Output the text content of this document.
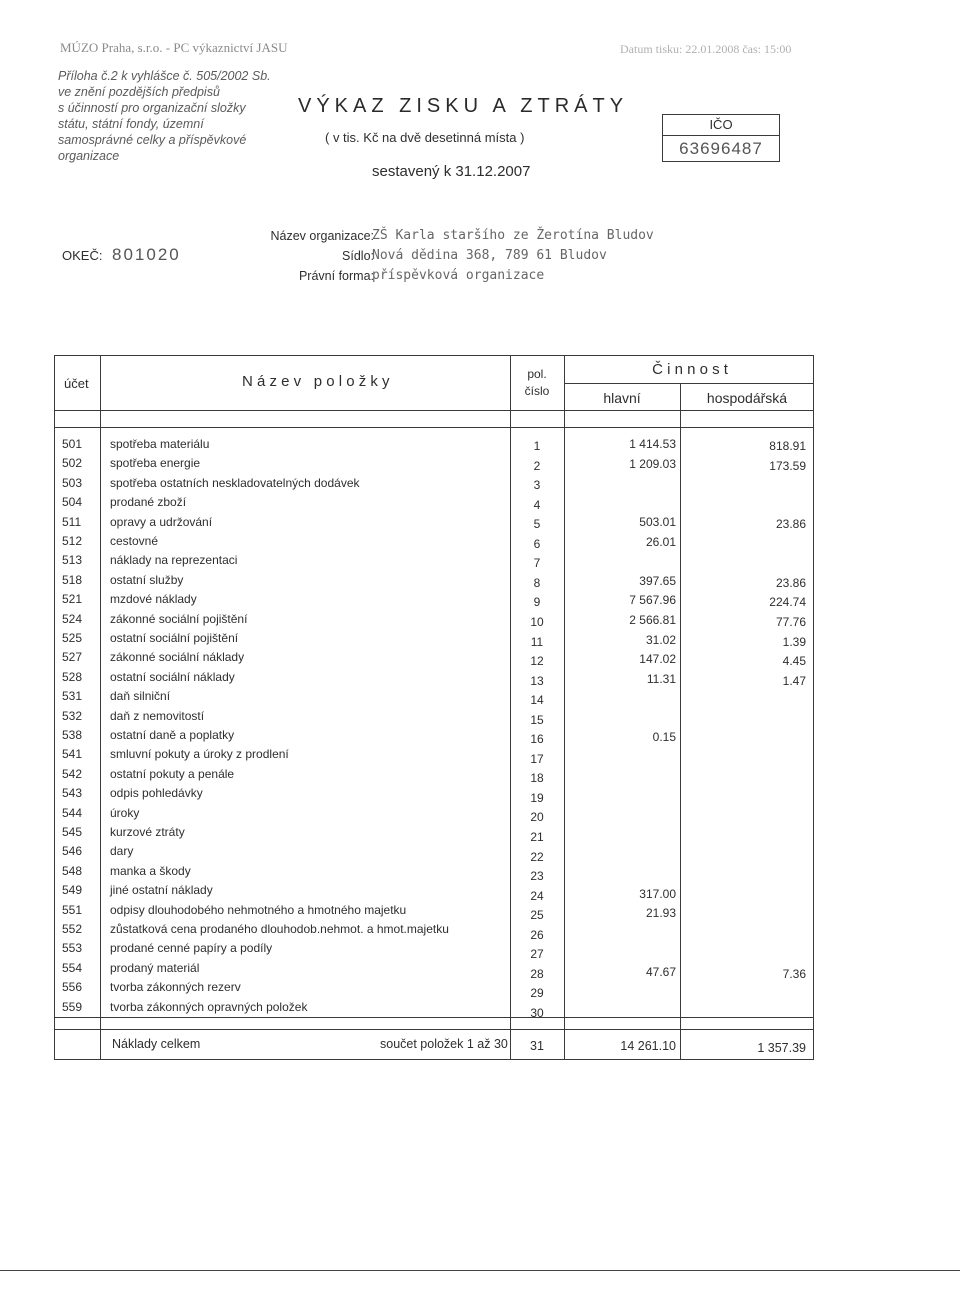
MÚZO Praha, s.r.o. - PC výkaznictví JASU	Datum tisku: 22.01.2008 čas: 15:00
Příloha č.2 k vyhlášce č. 505/2002 Sb.
ve znění pozdějších předpisů
s účinností pro organizační složky
státu, státní fondy, územní
samosprávné celky a příspěvkové
organizace
VÝKAZ ZISKU A ZTRÁTY
( v tis. Kč na dvě desetinná místa )
sestavený k 31.12.2007
IČO
63696487
OKEČ: 801020
Název organizace:
ZŠ Karla staršího ze Žerotína Bludov
Sídlo:
Nová dědina 368, 789 61 Bludov
Právní forma:
příspěvková organizace
účet	N á z e v   p o l o ž k y	pol.
číslo
Č i n n o s t
hlavní	hospodářská
501 spotřeba materiálu	1	1 414.53	818.91
502 spotřeba energie	2	1 209.03	173.59
503 spotřeba ostatních neskladovatelných dodávek	3
504 prodané zboží	4
511 opravy a udržování	5	503.01	23.86
512 cestovné	6	26.01
513 náklady na reprezentaci	7
518 ostatní služby	8	397.65	23.86
521 mzdové náklady	9	7 567.96	224.74
524 zákonné sociální pojištění	10	2 566.81	77.76
525 ostatní sociální pojištění	11	31.02	1.39
527 zákonné sociální náklady	12	147.02	4.45
528 ostatní sociální náklady	13	11.31	1.47
531 daň silniční	14
532 daň z nemovitostí	15
538 ostatní daně a poplatky	16	0.15
541 smluvní pokuty a úroky z prodlení	17
542 ostatní pokuty a penále	18
543 odpis pohledávky	19
544 úroky	20
545 kurzové ztráty	21
546 dary	22
548 manka a škody	23
549 jiné ostatní náklady	24	317.00
551 odpisy dlouhodobého nehmotného a hmotného majetku	25	21.93
552 zůstatková cena prodaného dlouhodob.nehmot. a hmot.majetku	26
553 prodané cenné papíry a podíly	27
554 prodaný materiál	28	47.67	7.36
556 tvorba zákonných rezerv	29
559 tvorba zákonných opravných položek	30
Náklady celkem	součet položek 1 až 30	31	14 261.10	1 357.39
